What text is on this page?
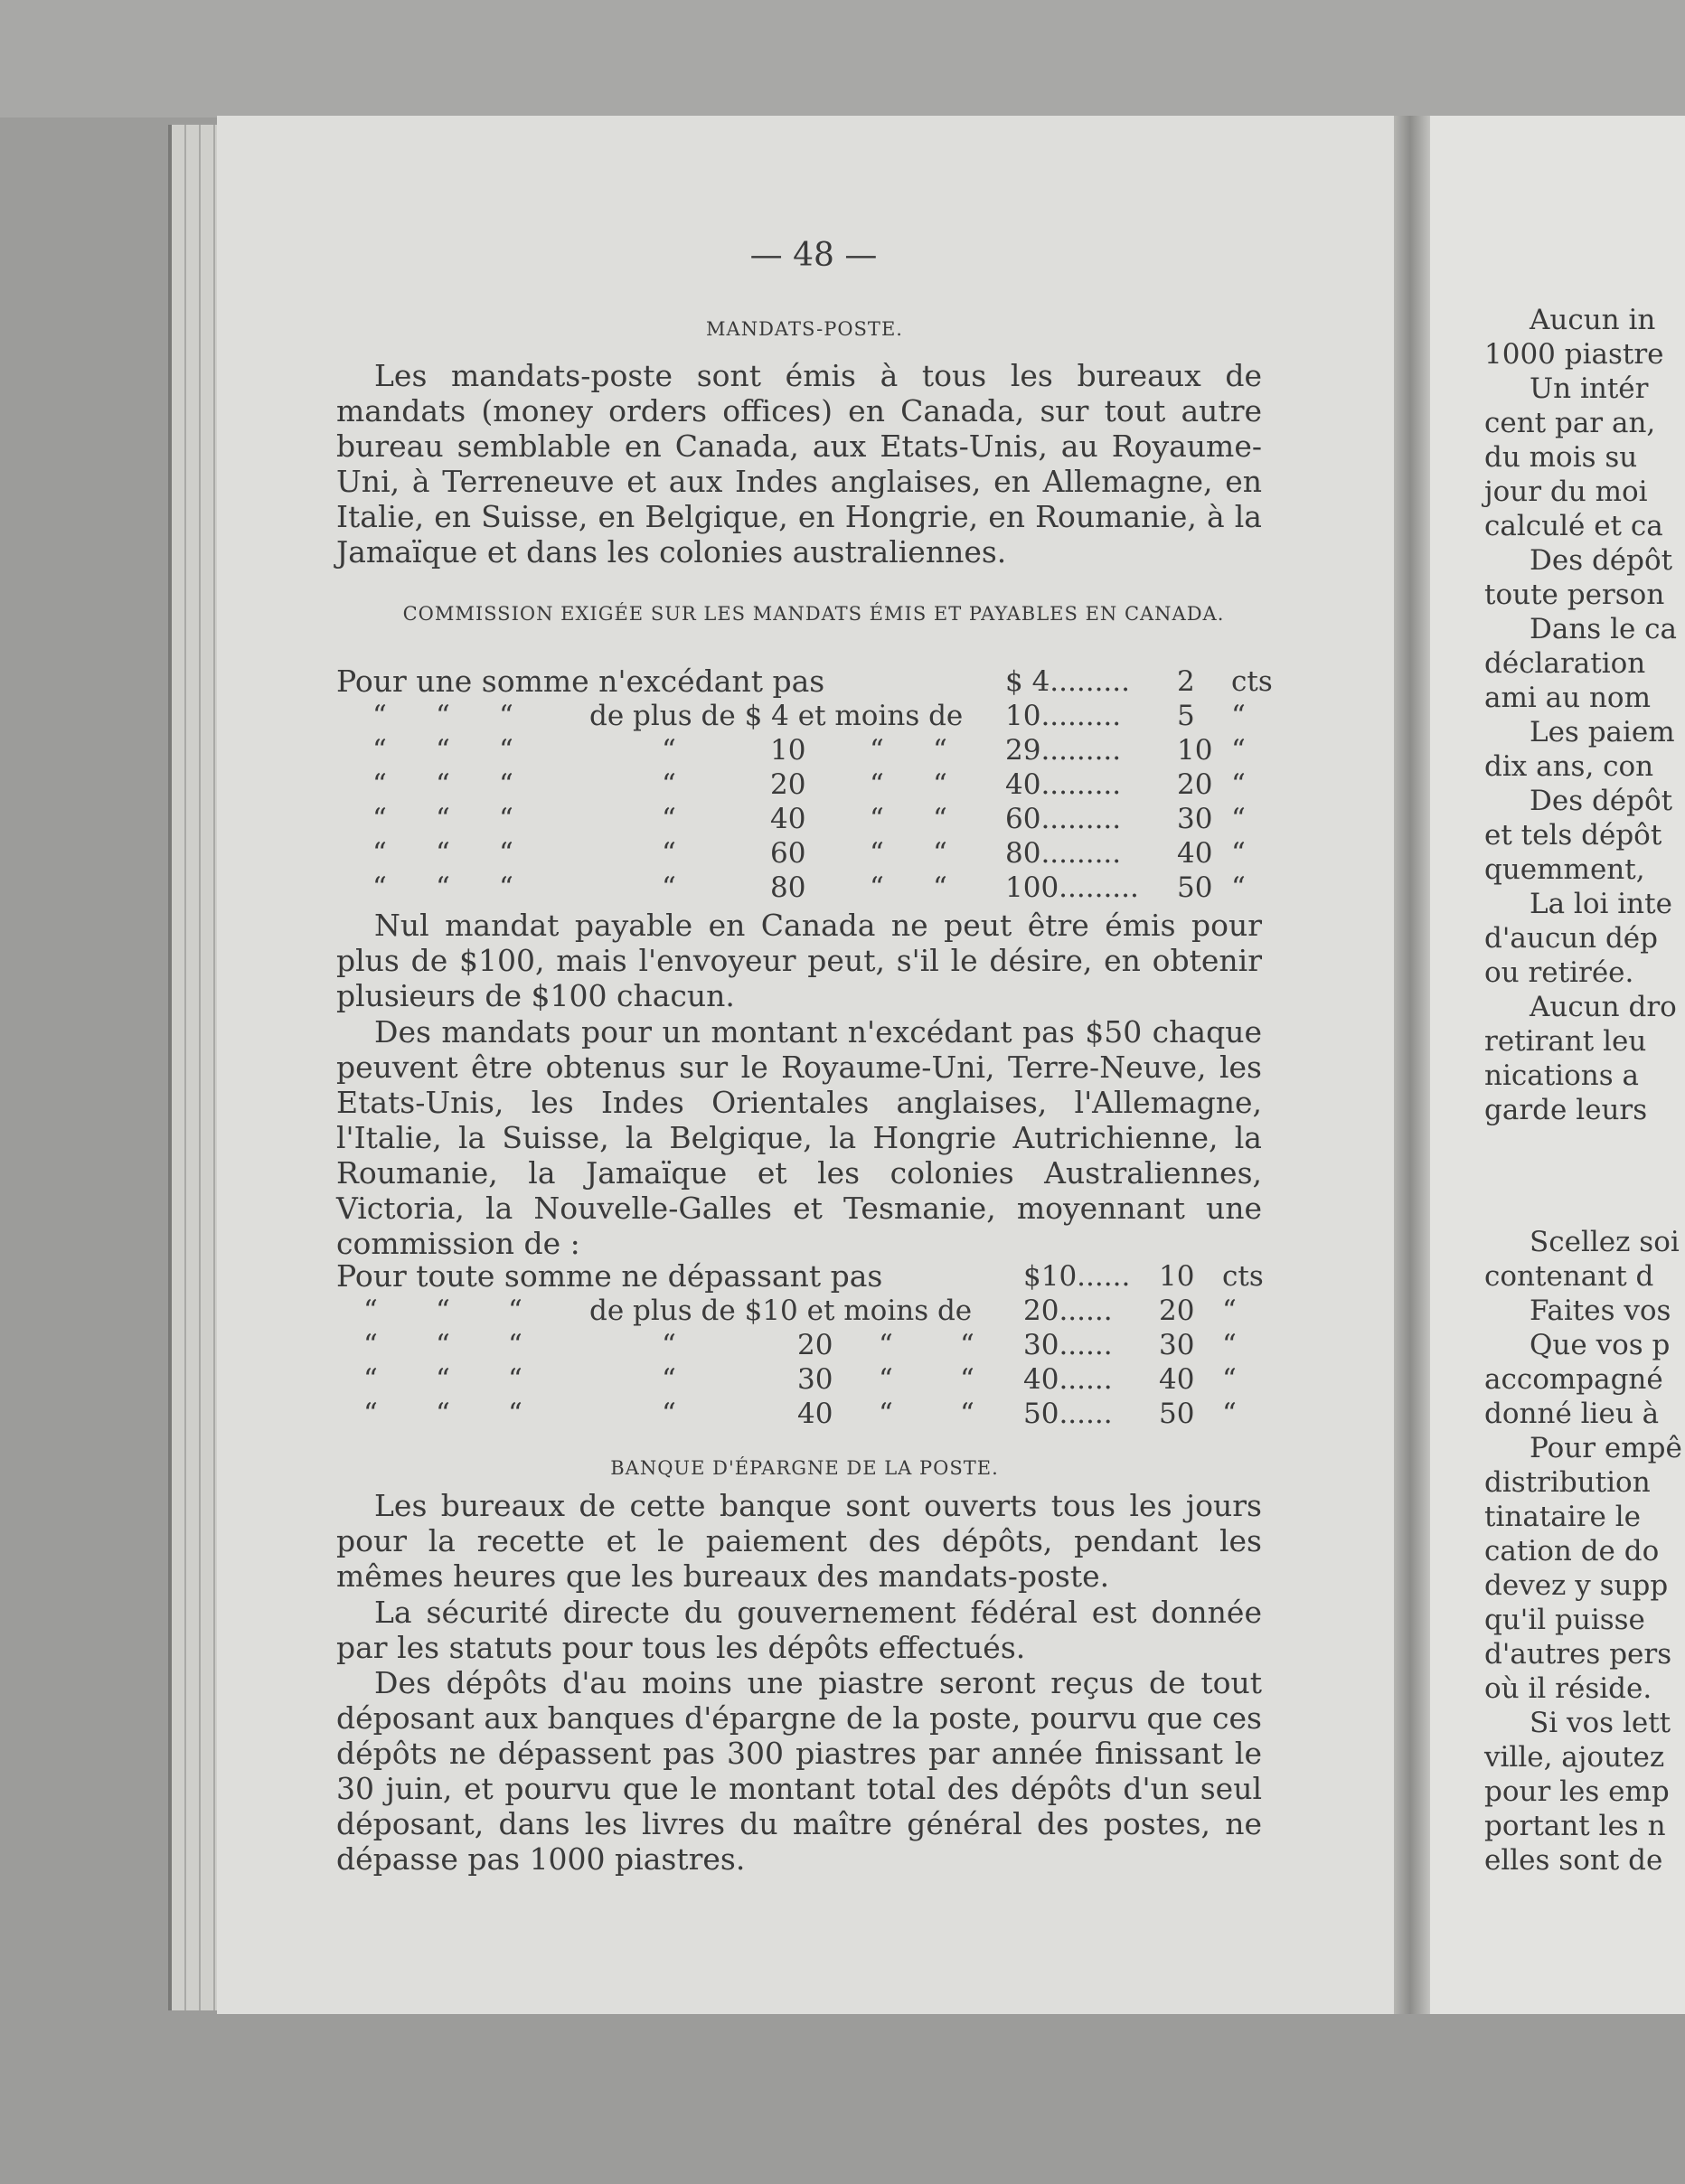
Aucun in
1000 piastre
Un intér
cent par an,
du mois su
jour du moi
calculé et ca
Des dépôt
toute person
Dans le ca
déclaration
ami au nom
Les paiem
dix ans, con
Des dépôt
et tels dépôt
quemment,
La loi inte
d'aucun dép
ou retirée.
Aucun dro
retirant leu
nications a
garde leurs
Scellez soi
contenant d
Faites vos
Que vos p
accompagné
donné lieu à
Pour empê
distribution
tinataire le
cation de do
devez y supp
qu'il puisse
d'autres pers
où il réside.
Si vos lett
ville, ajoutez
pour les emp
portant les n
elles sont de
— 48 —
MANDATS-POSTE.

Les mandats-poste sont émis à tous les bureaux de mandats (money orders offices) en Canada, sur tout autre bureau semblable en Canada, aux Etats-Unis, au Royaume-Uni, à Terreneuve et aux Indes anglaises, en Allemagne, en Italie, en Suisse, en Belgique, en Hongrie, en Roumanie, à la Jamaïque et dans les colonies australiennes.

COMMISSION EXIGÉE SUR LES MANDATS ÉMIS ET PAYABLES EN CANADA.
Pour une somme n'excédant pas	$ 4......... 2 cts
“ “ “	de plus de $ 4 et moins de 10......... 5 “
“ “ “	“	10 “ “ 29......... 10 “
“ “ “	“	20 “ “ 40......... 20 “
“ “ “	“	40 “ “ 60......... 30 “
“ “ “	“	60 “ “ 80......... 40 “
“ “ “	“	80 “ “ 100......... 50 “

Nul mandat payable en Canada ne peut être émis pour plus de $100, mais l'envoyeur peut, s'il le désire, en obtenir plusieurs de $100 chacun.

Des mandats pour un montant n'excédant pas $50 chaque peuvent être obtenus sur le Royaume-Uni, Terre-Neuve, les Etats-Unis, les Indes Orientales anglaises, l'Allemagne, l'Italie, la Suisse, la Belgique, la Hongrie Autrichienne, la Roumanie, la Jamaïque et les colonies Australiennes, Victoria, la Nouvelle-Galles et Tesmanie, moyennant une commission de :

Pour toute somme ne dépassant pas	$10...... 10 cts
“ “ “ de plus de $10 et moins de 20...... 20 “
“ “ “	“	20 “ “ 30...... 30 “
“ “ “	“	30 “ “ 40...... 40 “
“ “ “	“	40 “ “ 50...... 50 “
BANQUE D'ÉPARGNE DE LA POSTE.

Les bureaux de cette banque sont ouverts tous les jours pour la recette et le paiement des dépôts, pendant les mêmes heures que les bureaux des mandats-poste.

La sécurité directe du gouvernement fédéral est donnée par les statuts pour tous les dépôts effectués.

Des dépôts d'au moins une piastre seront reçus de tout déposant aux banques d'épargne de la poste, pourvu que ces dépôts ne dépassent pas 300 piastres par année finissant le 30 juin, et pourvu que le montant total des dépôts d'un seul déposant, dans les livres du maître général des postes, ne dépasse pas 1000 piastres.
